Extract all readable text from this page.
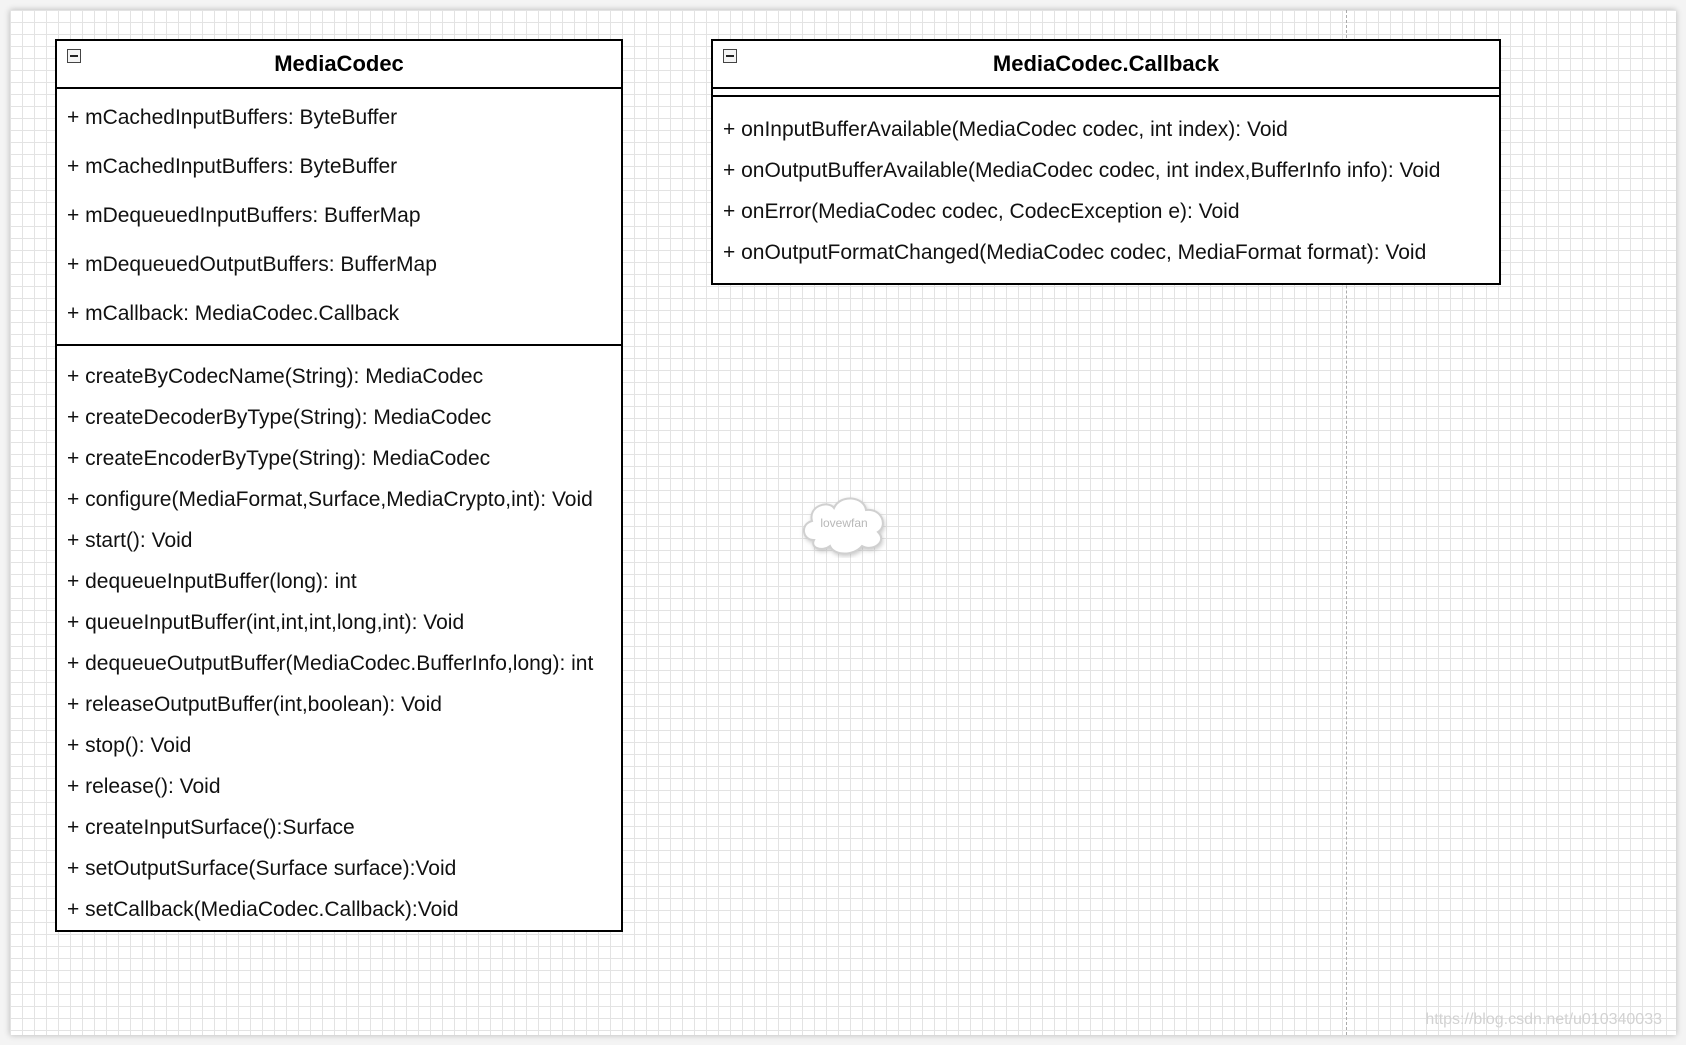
MediaCodec
+ mCachedInputBuffers: ByteBuffer
+ mCachedInputBuffers: ByteBuffer
+ mDequeuedInputBuffers: BufferMap
+ mDequeuedOutputBuffers: BufferMap
+ mCallback: MediaCodec.Callback
+ createByCodecName(String): MediaCodec
+ createDecoderByType(String): MediaCodec
+ createEncoderByType(String): MediaCodec
+ configure(MediaFormat,Surface,MediaCrypto,int): Void
+ start(): Void
+ dequeueInputBuffer(long): int
+ queueInputBuffer(int,int,int,long,int): Void
+ dequeueOutputBuffer(MediaCodec.BufferInfo,long): int
+ releaseOutputBuffer(int,boolean): Void
+ stop(): Void
+ release(): Void
+ createInputSurface():Surface
+ setOutputSurface(Surface surface):Void
+ setCallback(MediaCodec.Callback):Void
MediaCodec.Callback
+ onInputBufferAvailable(MediaCodec codec, int index): Void
+ onOutputBufferAvailable(MediaCodec codec, int index,BufferInfo info): Void
+ onError(MediaCodec codec, CodecException e): Void
+ onOutputFormatChanged(MediaCodec codec, MediaFormat format): Void
lovewfan
https://blog.csdn.net/u010340033
